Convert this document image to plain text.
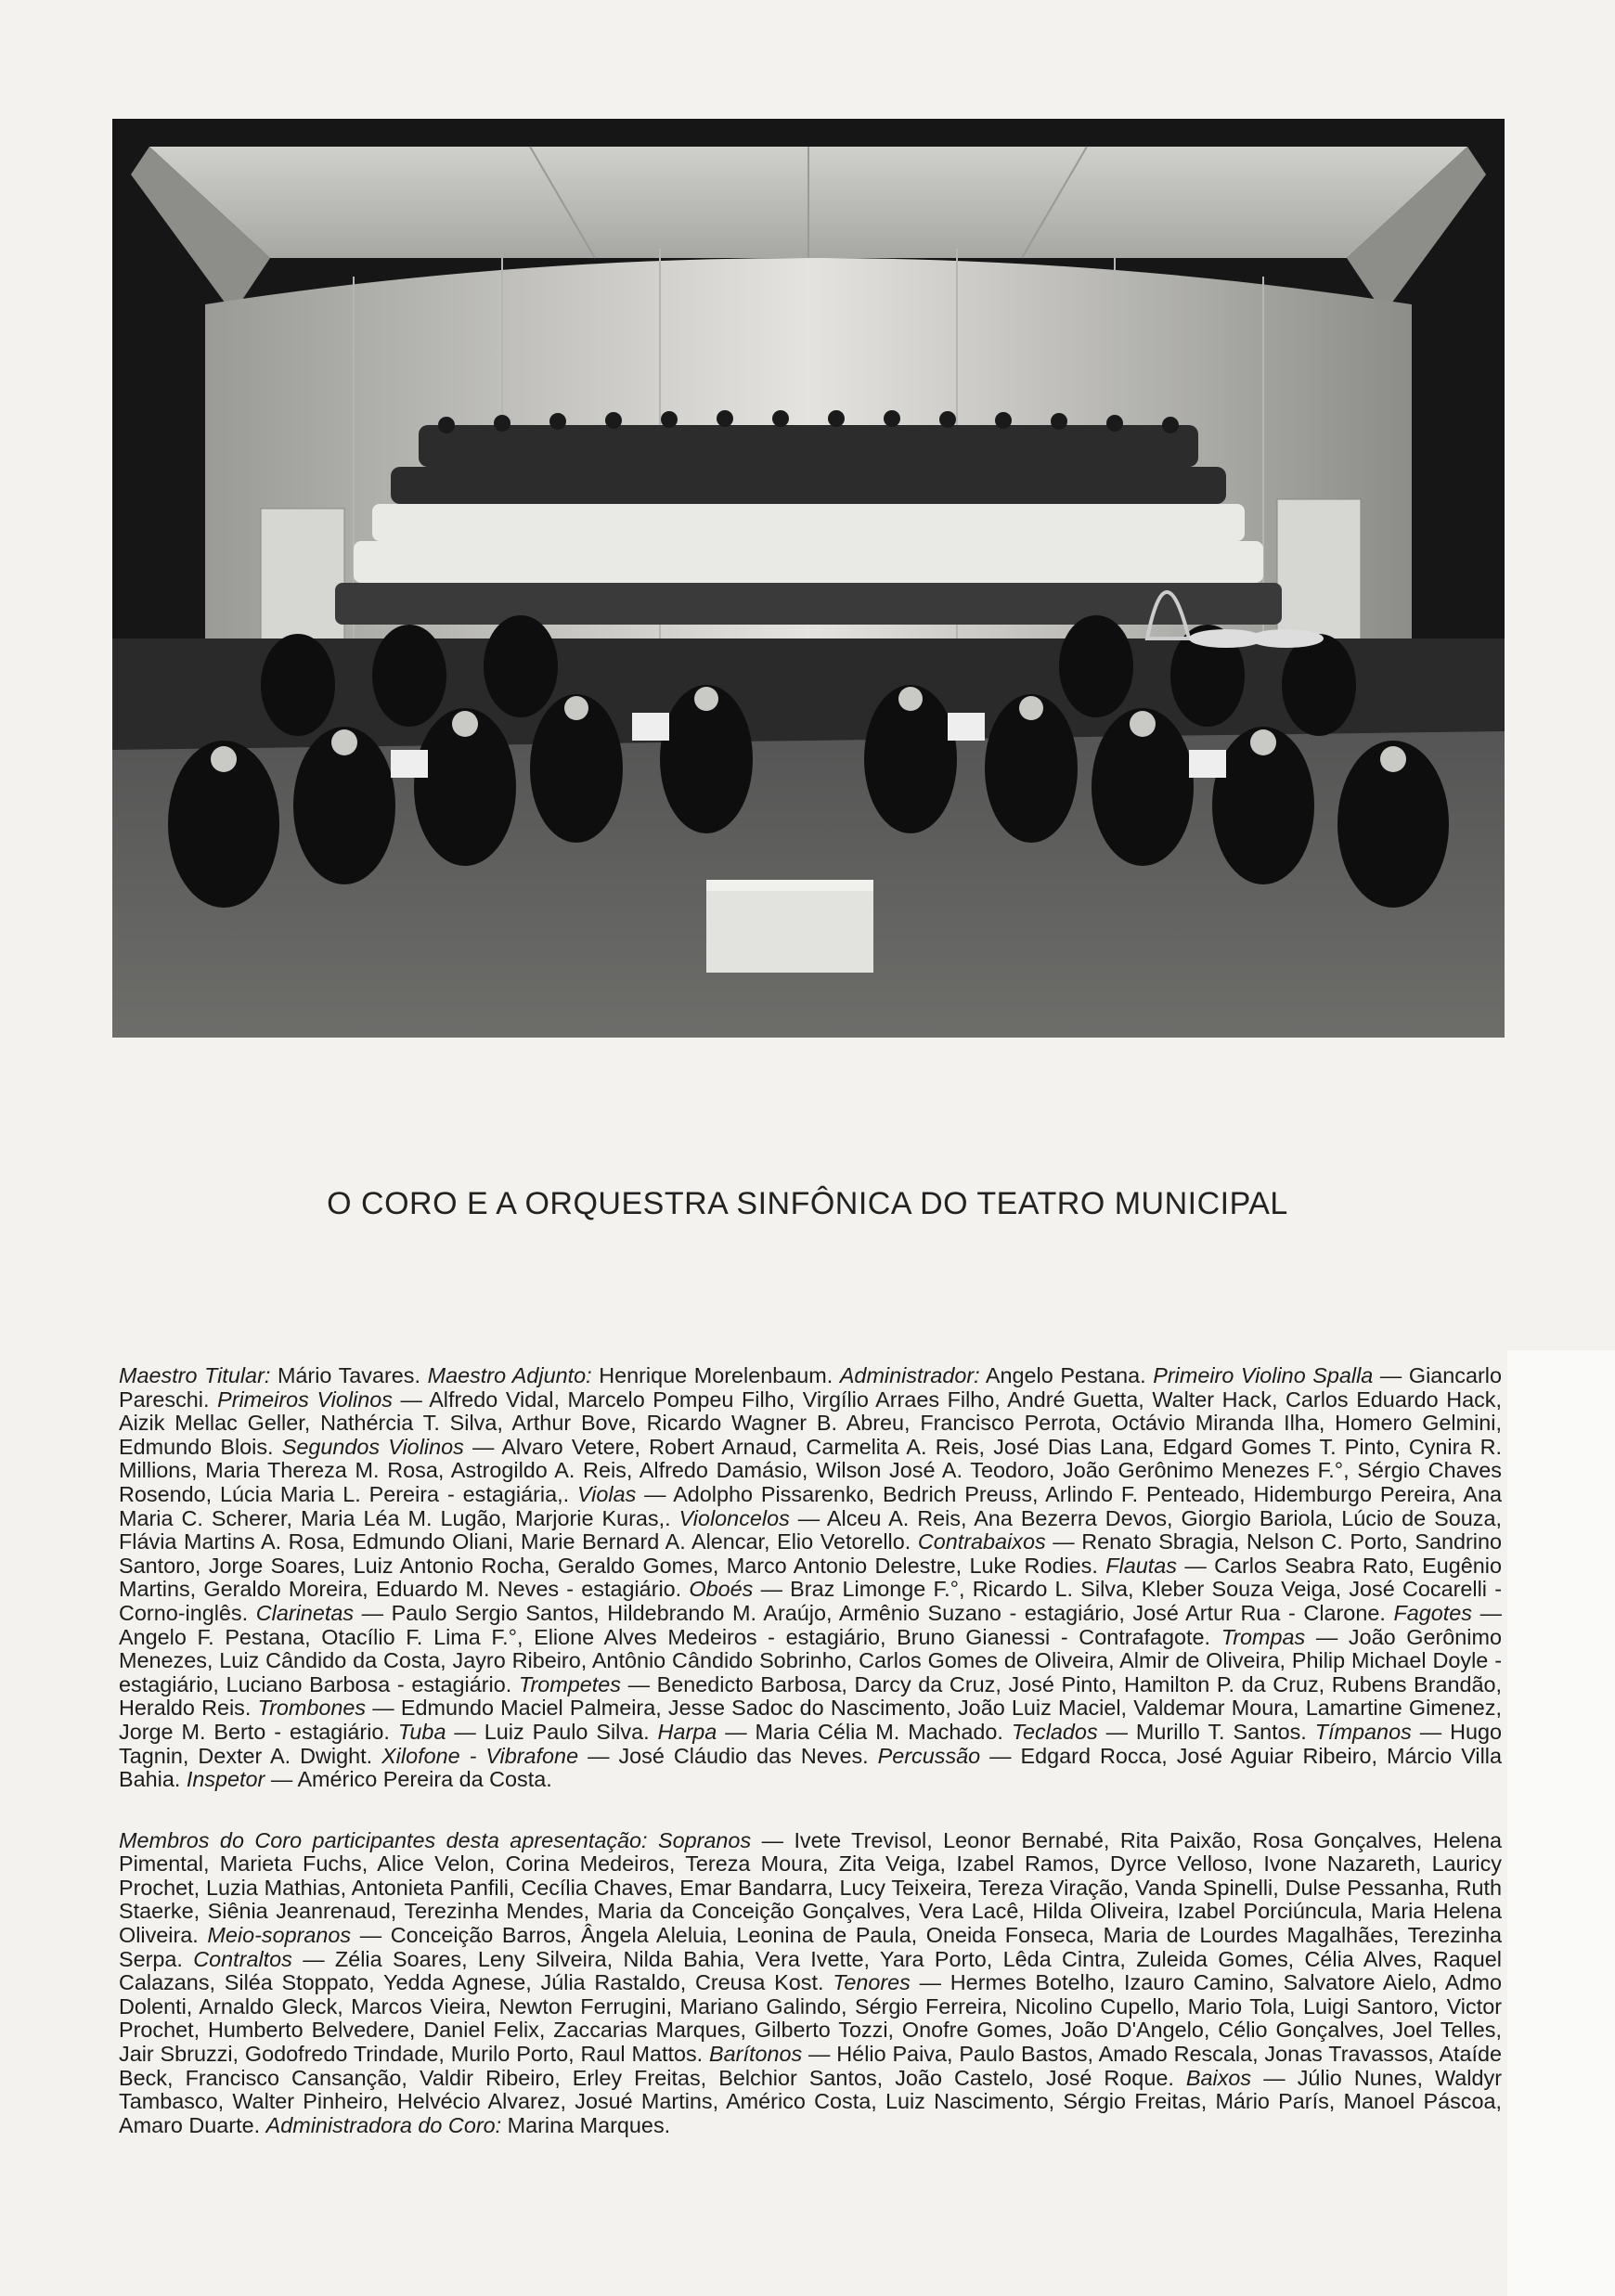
O CORO E A ORQUESTRA SINFÔNICA DO TEATRO MUNICIPAL

Maestro Titular: Mário Tavares. Maestro Adjunto: Henrique Morelenbaum. Administrador: Angelo Pestana. Primeiro Violino Spalla — Giancarlo Pareschi. Primeiros Violinos — Alfredo Vidal, Marcelo Pompeu Filho, Virgílio Arraes Filho, André Guetta, Walter Hack, Carlos Eduardo Hack, Aizik Mellac Geller, Nathércia T. Silva, Arthur Bove, Ricardo Wagner B. Abreu, Francisco Perrota, Octávio Miranda Ilha, Homero Gelmini, Edmundo Blois. Segundos Violinos — Alvaro Vetere, Robert Arnaud, Carmelita A. Reis, José Dias Lana, Edgard Gomes T. Pinto, Cynira R. Millions, Maria Thereza M. Rosa, Astrogildo A. Reis, Alfredo Damásio, Wilson José A. Teodoro, João Gerônimo Menezes F.°, Sérgio Chaves Rosendo, Lúcia Maria L. Pereira - estagiária,. Violas — Adolpho Pissarenko, Bedrich Preuss, Arlindo F. Penteado, Hidemburgo Pereira, Ana Maria C. Scherer, Maria Léa M. Lugão, Marjorie Kuras,. Violoncelos — Alceu A. Reis, Ana Bezerra Devos, Giorgio Bariola, Lúcio de Souza, Flávia Martins A. Rosa, Edmundo Oliani, Marie Bernard A. Alencar, Elio Vetorello. Contrabaixos — Renato Sbragia, Nelson C. Porto, Sandrino Santoro, Jorge Soares, Luiz Antonio Rocha, Geraldo Gomes, Marco Antonio Delestre, Luke Rodies. Flautas — Carlos Seabra Rato, Eugênio Martins, Geraldo Moreira, Eduardo M. Neves - estagiário. Oboés — Braz Limonge F.°, Ricardo L. Silva, Kleber Souza Veiga, José Cocarelli - Corno-inglês. Clarinetas — Paulo Sergio Santos, Hildebrando M. Araújo, Armênio Suzano - estagiário, José Artur Rua - Clarone. Fagotes — Angelo F. Pestana, Otacílio F. Lima F.°, Elione Alves Medeiros - estagiário, Bruno Gianessi - Contrafagote. Trompas — João Gerônimo Menezes, Luiz Cândido da Costa, Jayro Ribeiro, Antônio Cândido Sobrinho, Carlos Gomes de Oliveira, Almir de Oliveira, Philip Michael Doyle - estagiário, Luciano Barbosa - estagiário. Trompetes — Benedicto Barbosa, Darcy da Cruz, José Pinto, Hamilton P. da Cruz, Rubens Brandão, Heraldo Reis. Trombones — Edmundo Maciel Palmeira, Jesse Sadoc do Nascimento, João Luiz Maciel, Valdemar Moura, Lamartine Gimenez, Jorge M. Berto - estagiário. Tuba — Luiz Paulo Silva. Harpa — Maria Célia M. Machado. Teclados — Murillo T. Santos. Tímpanos — Hugo Tagnin, Dexter A. Dwight. Xilofone - Vibrafone — José Cláudio das Neves. Percussão — Edgard Rocca, José Aguiar Ribeiro, Márcio Villa Bahia. Inspetor — Américo Pereira da Costa.

Membros do Coro participantes desta apresentação: Sopranos — Ivete Trevisol, Leonor Bernabé, Rita Paixão, Rosa Gonçalves, Helena Pimental, Marieta Fuchs, Alice Velon, Corina Medeiros, Tereza Moura, Zita Veiga, Izabel Ramos, Dyrce Velloso, Ivone Nazareth, Lauricy Prochet, Luzia Mathias, Antonieta Panfili, Cecília Chaves, Emar Bandarra, Lucy Teixeira, Tereza Viração, Vanda Spinelli, Dulse Pessanha, Ruth Staerke, Siênia Jeanrenaud, Terezinha Mendes, Maria da Conceição Gonçalves, Vera Lacê, Hilda Oliveira, Izabel Porciúncula, Maria Helena Oliveira. Meio-sopranos — Conceição Barros, Ângela Aleluia, Leonina de Paula, Oneida Fonseca, Maria de Lourdes Magalhães, Terezinha Serpa. Contraltos — Zélia Soares, Leny Silveira, Nilda Bahia, Vera Ivette, Yara Porto, Lêda Cintra, Zuleida Gomes, Célia Alves, Raquel Calazans, Siléa Stoppato, Yedda Agnese, Júlia Rastaldo, Creusa Kost. Tenores — Hermes Botelho, Izauro Camino, Salvatore Aielo, Admo Dolenti, Arnaldo Gleck, Marcos Vieira, Newton Ferrugini, Mariano Galindo, Sérgio Ferreira, Nicolino Cupello, Mario Tola, Luigi Santoro, Victor Prochet, Humberto Belvedere, Daniel Felix, Zaccarias Marques, Gilberto Tozzi, Onofre Gomes, João D'Angelo, Célio Gonçalves, Joel Telles, Jair Sbruzzi, Godofredo Trindade, Murilo Porto, Raul Mattos. Barítonos — Hélio Paiva, Paulo Bastos, Amado Rescala, Jonas Travassos, Ataíde Beck, Francisco Cansanção, Valdir Ribeiro, Erley Freitas, Belchior Santos, João Castelo, José Roque. Baixos — Júlio Nunes, Waldyr Tambasco, Walter Pinheiro, Helvécio Alvarez, Josué Martins, Américo Costa, Luiz Nascimento, Sérgio Freitas, Mário París, Manoel Páscoa, Amaro Duarte. Administradora do Coro: Marina Marques.
